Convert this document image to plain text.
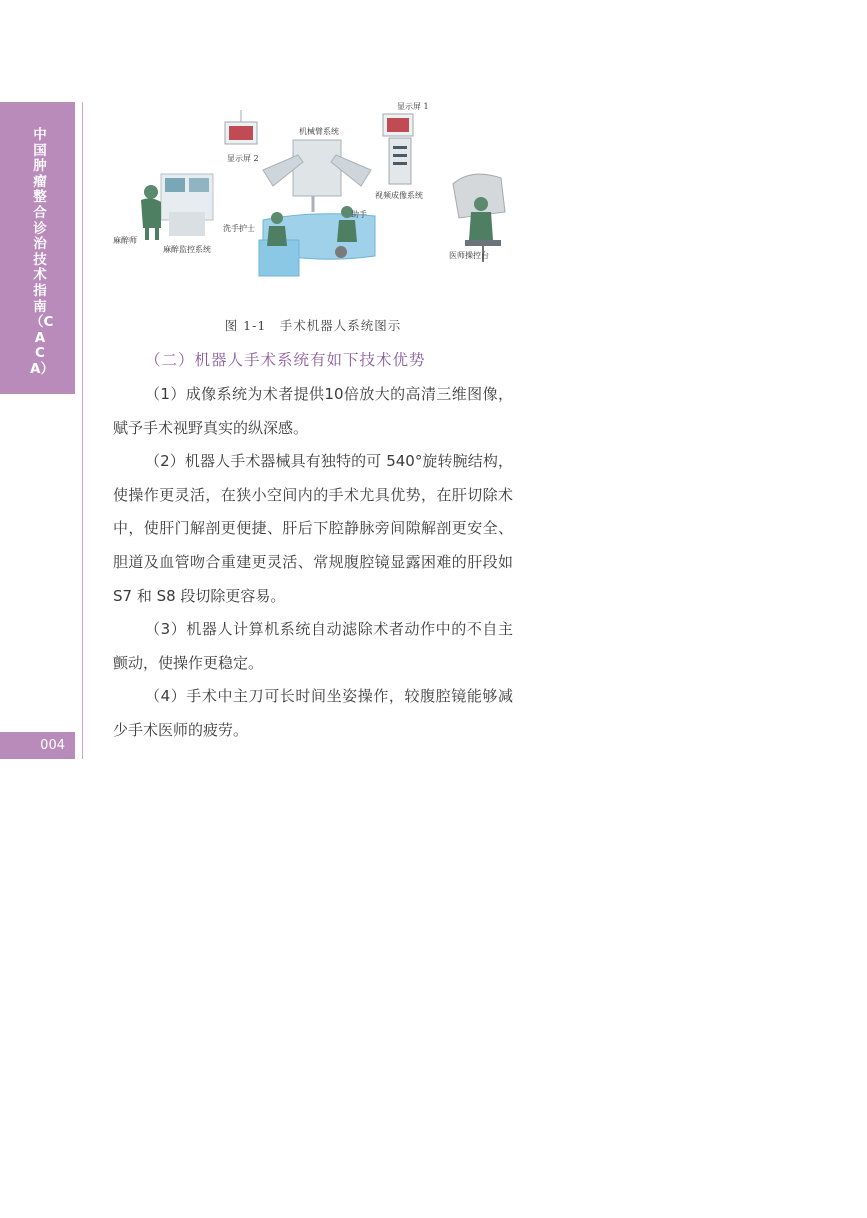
中国肿瘤整合诊治技术指南（CACA）
004
显示屏 1
显示屏 2
机械臂系统
视频成像系统
助手
洗手护士
麻醉师
麻醉监控系统
医师操控台
图 1-1　手术机器人系统图示
（二）机器人手术系统有如下技术优势

（1）成像系统为术者提供10倍放大的高清三维图像，赋予手术视野真实的纵深感。

（2）机器人手术器械具有独特的可 540°旋转腕结构，使操作更灵活，在狭小空间内的手术尤具优势，在肝切除术中，使肝门解剖更便捷、肝后下腔静脉旁间隙解剖更安全、胆道及血管吻合重建更灵活、常规腹腔镜显露困难的肝段如 S7 和 S8 段切除更容易。

（3）机器人计算机系统自动滤除术者动作中的不自主颤动，使操作更稳定。

（4）手术中主刀可长时间坐姿操作，较腹腔镜能够减少手术医师的疲劳。
